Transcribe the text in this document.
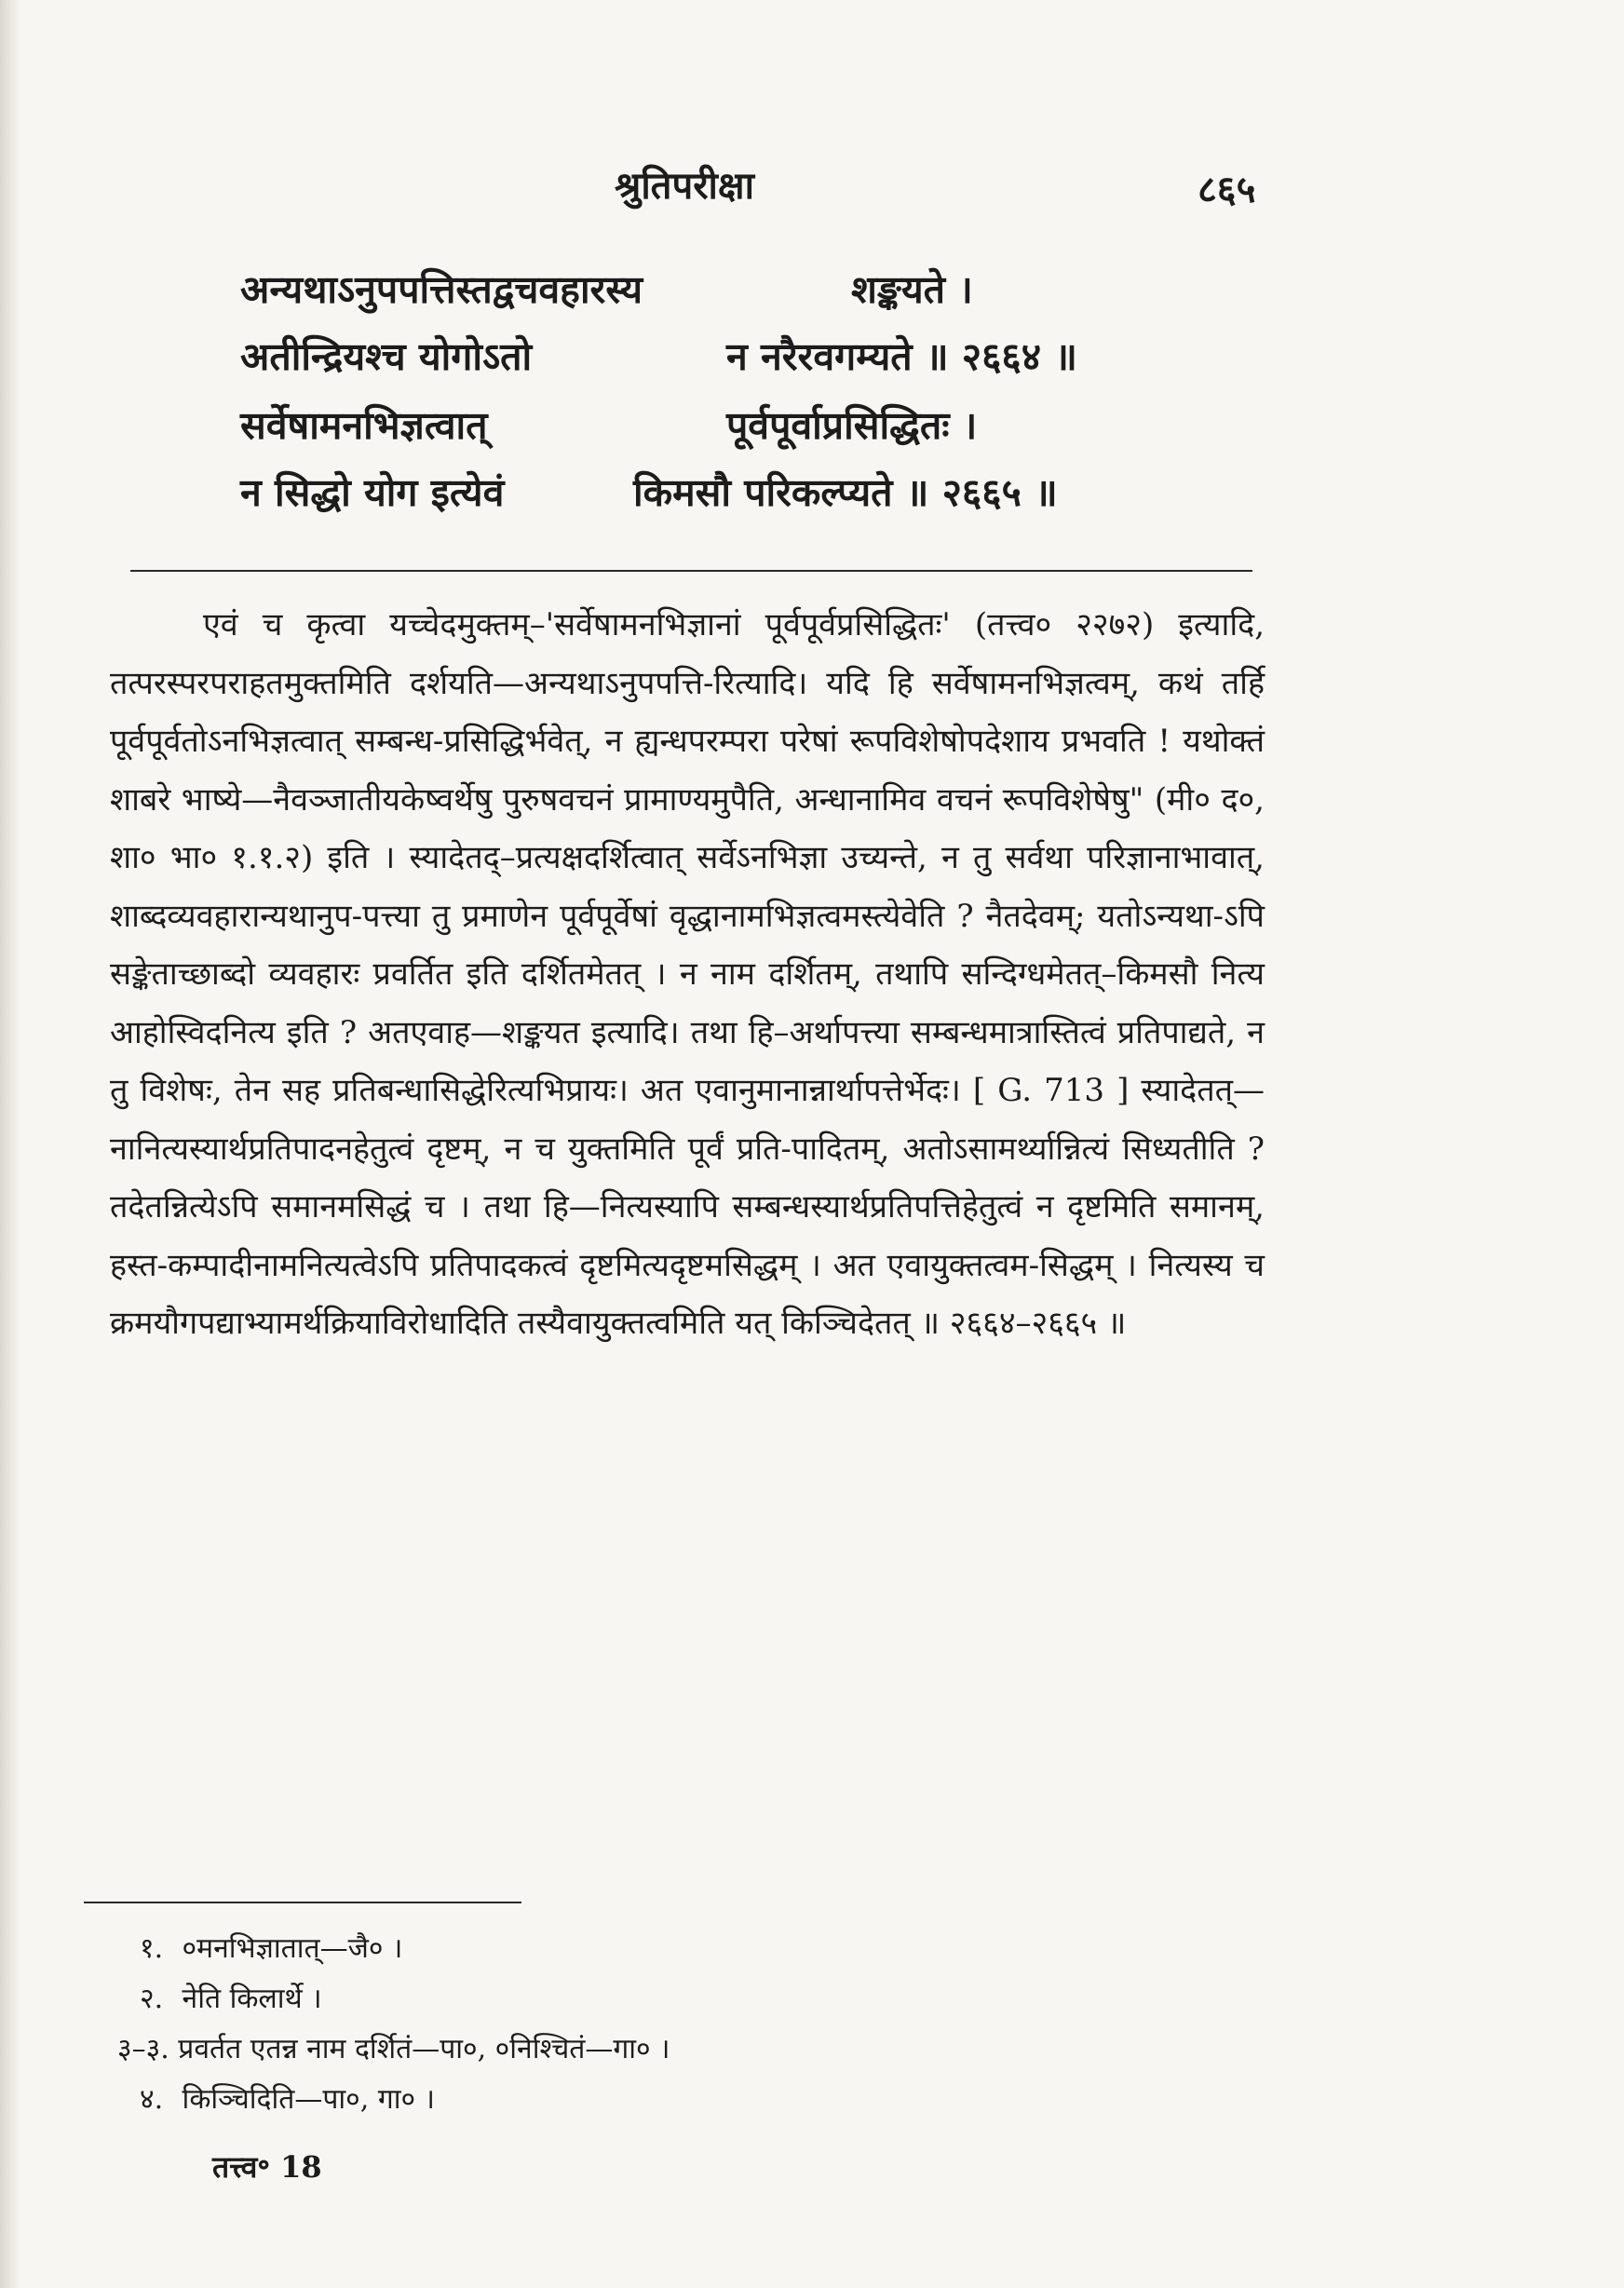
श्रुतिपरीक्षा	८६५
अन्यथाऽनुपपत्तिस्तद्वचवहारस्य	शङ्कयते ।
अतीन्द्रियश्च योगोऽतो	न नरैरवगम्यते ॥ २६६४ ॥
सर्वेषामनभिज्ञत्वात्	पूर्वपूर्वाप्रसिद्धितः ।
न सिद्धो योग इत्येवं	किमसौ परिकल्प्यते ॥ २६६५ ॥

एवं च कृत्वा यच्चेदमुक्तम्–'सर्वेषामनभिज्ञानां पूर्वपूर्वप्रसिद्धितः' (तत्त्व० २२७२) इत्यादि, तत्परस्परपराहतमुक्तमिति दर्शयति—अन्यथाऽनुपपत्ति-रित्यादि। यदि हि सर्वेषामनभिज्ञत्वम्, कथं तर्हि पूर्वपूर्वतोऽनभिज्ञत्वात् सम्बन्ध-प्रसिद्धिर्भवेत्, न ह्यन्धपरम्परा परेषां रूपविशेषोपदेशाय प्रभवति ! यथोक्तं शाबरे भाष्ये—नैवञ्जातीयकेष्वर्थेषु पुरुषवचनं प्रामाण्यमुपैति, अन्धानामिव वचनं रूपविशेषेषु" (मी० द०, शा० भा० १.१.२) इति । स्यादेतद्–प्रत्यक्षदर्शित्वात् सर्वेऽनभिज्ञा उच्यन्ते, न तु सर्वथा परिज्ञानाभावात्, शाब्दव्यवहारान्यथानुप-पत्त्या तु प्रमाणेन पूर्वपूर्वेषां वृद्धानामभिज्ञत्वमस्त्येवेति ? नैतदेवम्; यतोऽन्यथा-ऽपि सङ्केताच्छाब्दो व्यवहारः प्रवर्तित इति दर्शितमेतत् । न नाम दर्शितम्, तथापि सन्दिग्धमेतत्–किमसौ नित्य आहोस्विदनित्य इति ? अतएवाह—शङ्कयत इत्यादि। तथा हि–अर्थापत्त्या सम्बन्धमात्रास्तित्वं प्रतिपाद्यते, न तु विशेषः, तेन सह प्रतिबन्धासिद्धेरित्यभिप्रायः। अत एवानुमानान्नार्थापत्तेर्भेदः। [ G. 713 ] स्यादेतत्—नानित्यस्यार्थप्रतिपादनहेतुत्वं दृष्टम्, न च युक्तमिति पूर्वं प्रति-पादितम्, अतोऽसामर्थ्यान्नित्यं सिध्यतीति ? तदेतन्नित्येऽपि समानमसिद्धं च । तथा हि—नित्यस्यापि सम्बन्धस्यार्थप्रतिपत्तिहेतुत्वं न दृष्टमिति समानम्, हस्त-कम्पादीनामनित्यत्वेऽपि प्रतिपादकत्वं दृष्टमित्यदृष्टमसिद्धम् । अत एवायुक्तत्वम-सिद्धम् । नित्यस्य च क्रमयौगपद्याभ्यामर्थक्रियाविरोधादिति तस्यैवायुक्तत्वमिति यत् किञ्चिदेतत् ॥ २६६४–२६६५ ॥

१. ०मनभिज्ञातात्—जै० ।
२. नेति किलार्थे ।
३–३. प्रवर्तत एतन्न नाम दर्शितं—पा०, ०निश्चितं—गा० ।
४. किञ्चिदिति—पा०, गा० ।
तत्त्व॰ 18
